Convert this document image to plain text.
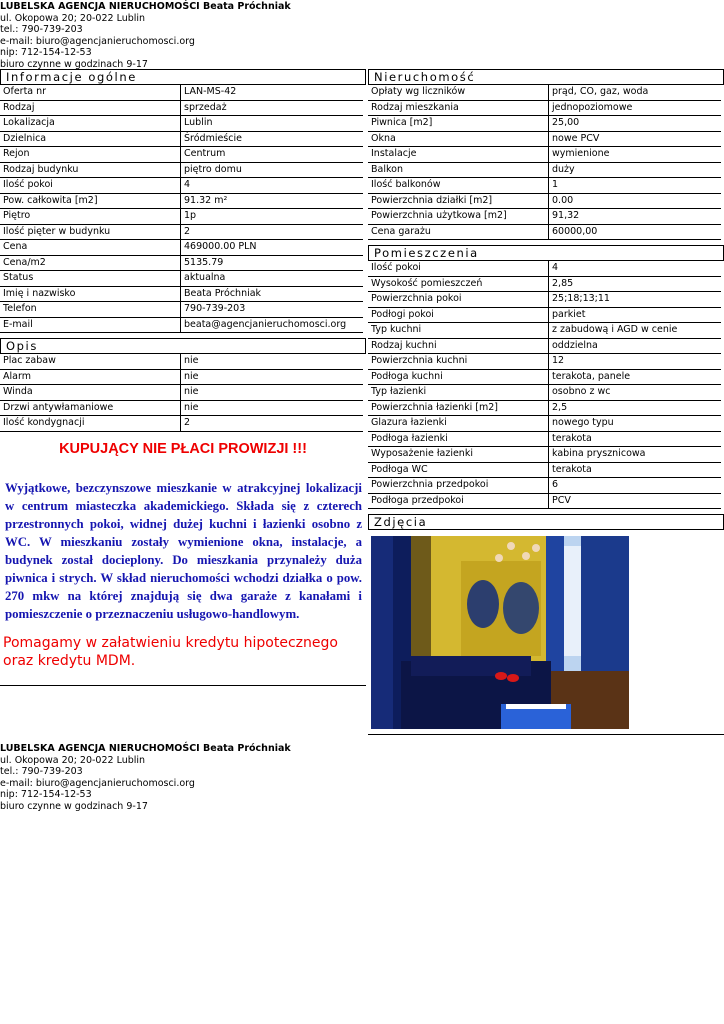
LUBELSKA AGENCJA NIERUCHOMOŚCI Beata Próchniak
ul. Okopowa 20; 20-022 Lublin
tel.: 790-739-203
e-mail: biuro@agencjanieruchomosci.org
nip: 712-154-12-53
biuro czynne w godzinach 9-17
Informacje ogólne
Oferta nr	LAN-MS-42
Rodzaj	sprzedaż
Lokalizacja	Lublin
Dzielnica	Śródmieście
Rejon	Centrum
Rodzaj budynku	piętro domu
Ilość pokoi	4
Pow. całkowita [m2]	91.32 m²
Piętro	1p
Ilość pięter w budynku	2
Cena	469000.00 PLN
Cena/m2	5135.79
Status	aktualna
Imię i nazwisko	Beata Próchniak
Telefon	790-739-203
E-mail	beata@agencjanieruchomosci.org
Opis
Plac zabaw	nie
Alarm	nie
Winda	nie
Drzwi antywłamaniowe	nie
Ilość kondygnacji	2
KUPUJĄCY NIE PŁACI PROWIZJI !!!
Wyjątkowe, bezczynszowe mieszkanie w atrakcyjnej lokalizacji w centrum miasteczka akademickiego. Składa się z czterech przestronnych pokoi, widnej dużej kuchni i łazienki osobno z WC. W mieszkaniu zostały wymienione okna, instalacje, a budynek został docieplony. Do mieszkania przynależy duża piwnica i strych. W skład nieruchomości wchodzi działka o pow. 270 mkw na której znajdują się dwa garaże z kanałami i pomieszczenie o przeznaczeniu usługowo-handlowym.
Pomagamy w załatwieniu kredytu hipotecznego oraz kredytu MDM.
Nieruchomość
Opłaty wg liczników	prąd, CO, gaz, woda
Rodzaj mieszkania	jednopoziomowe
Piwnica [m2]	25,00
Okna	nowe PCV
Instalacje	wymienione
Balkon	duży
Ilość balkonów	1
Powierzchnia działki [m2]	0.00
Powierzchnia użytkowa [m2]	91,32
Cena garażu	60000,00
Pomieszczenia
Ilość pokoi	4
Wysokość pomieszczeń	2,85
Powierzchnia pokoi	25;18;13;11
Podłogi pokoi	parkiet
Typ kuchni	z zabudową i AGD w cenie
Rodzaj kuchni	oddzielna
Powierzchnia kuchni	12
Podłoga kuchni	terakota, panele
Typ łazienki	osobno z wc
Powierzchnia łazienki [m2]	2,5
Glazura łazienki	nowego typu
Podłoga łazienki	terakota
Wyposażenie łazienki	kabina prysznicowa
Podłoga WC	terakota
Powierzchnia przedpokoi	6
Podłoga przedpokoi	PCV
Zdjęcia
LUBELSKA AGENCJA NIERUCHOMOŚCI Beata Próchniak
ul. Okopowa 20; 20-022 Lublin
tel.: 790-739-203
e-mail: biuro@agencjanieruchomosci.org
nip: 712-154-12-53
biuro czynne w godzinach 9-17
